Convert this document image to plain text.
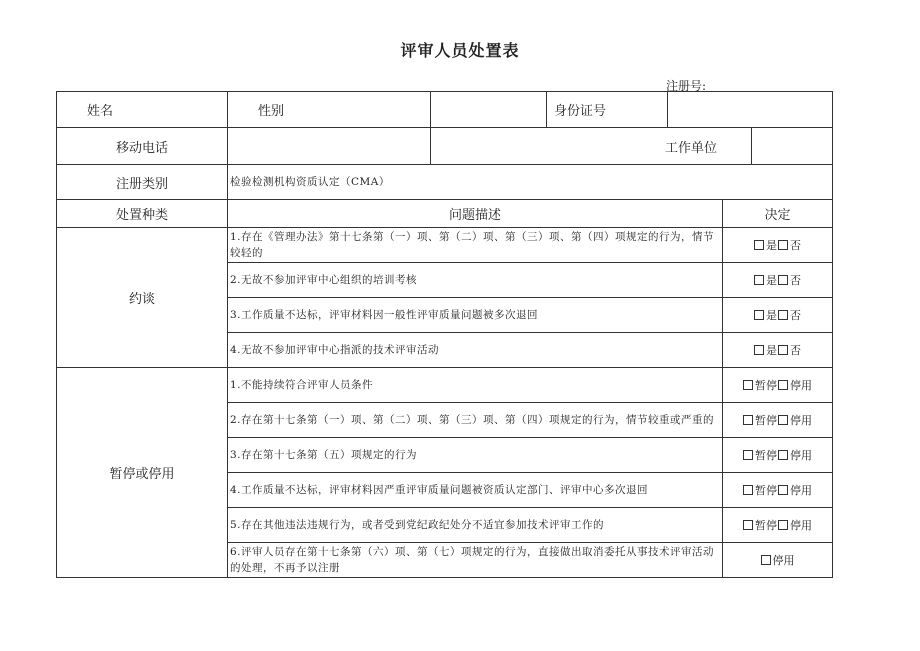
评审人员处置表
注册号:
姓名	性别		身份证号	

移动电话		工作单位		

注册类别	检验检测机构资质认定（CMA）			
处置种类	问题描述			决定
约谈	1.存在《管理办法》第十七条第（一）项、第（二）项、第（三）项、第（四）项规定的行为，情节较轻的			是 否
	2.无故不参加评审中心组织的培训考核			是 否
	3.工作质量不达标，评审材料因一般性评审质量问题被多次退回			是 否
	4.无故不参加评审中心指派的技术评审活动			是 否
暂停或停用	1.不能持续符合评审人员条件			暂停 停用
	2.存在第十七条第（一）项、第（二）项、第（三）项、第（四）项规定的行为，情节较重或严重的			暂停 停用
	3.存在第十七条第（五）项规定的行为			暂停 停用
	4.工作质量不达标，评审材料因严重评审质量问题被资质认定部门、评审中心多次退回			暂停 停用
	5.存在其他违法违规行为，或者受到党纪政纪处分不适宜参加技术评审工作的			暂停 停用
	6.评审人员存在第十七条第（六）项、第（七）项规定的行为，直接做出取消委托从事技术评审活动的处理，不再予以注册			停用
